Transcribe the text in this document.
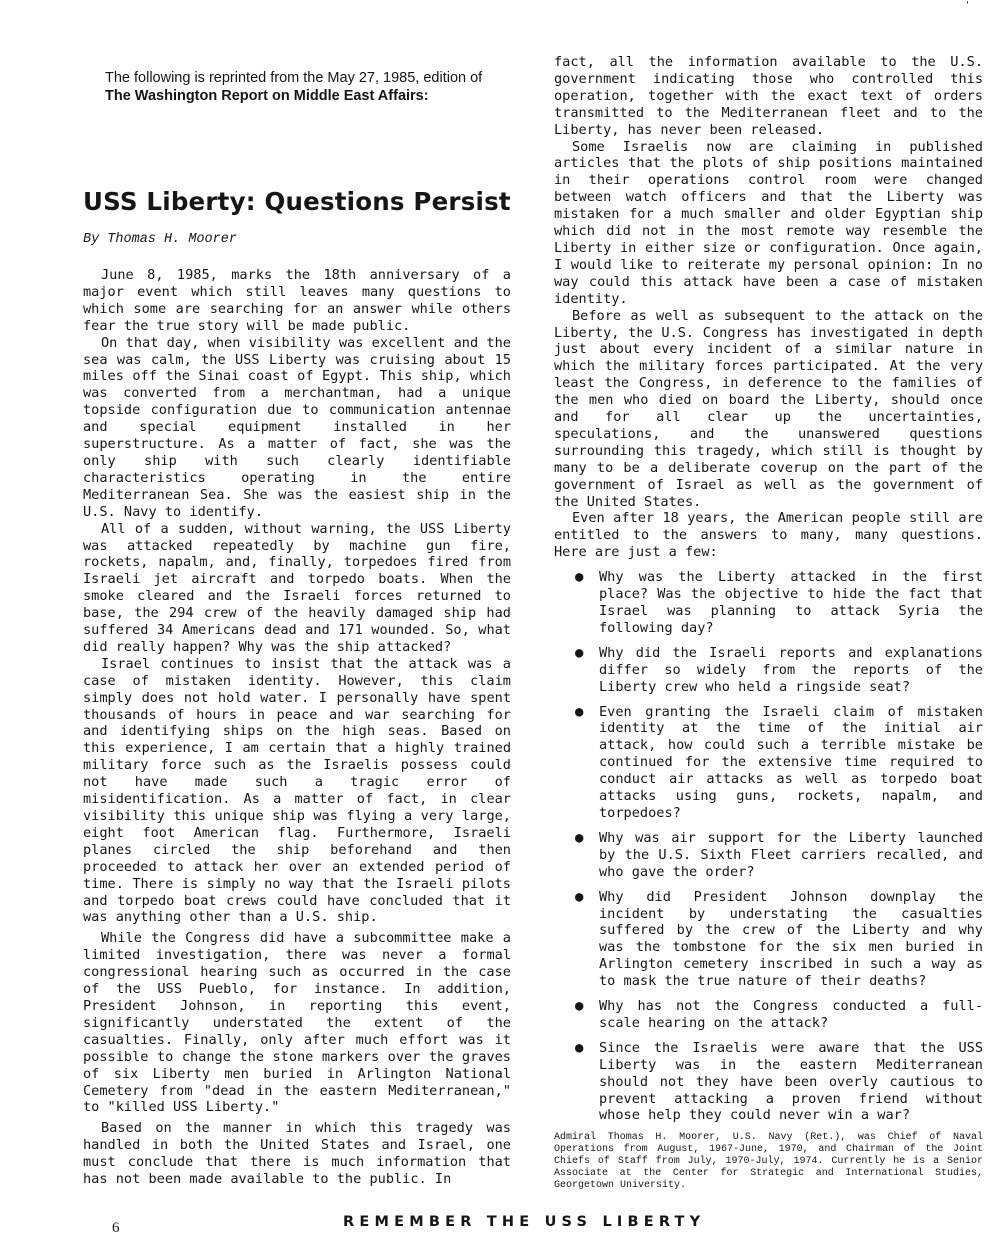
'

The following is reprinted from the May 27, 1985, edition of The Washington Report on Middle East Affairs:

USS Liberty: Questions Persist
By Thomas H. Moorer

June 8, 1985, marks the 18th anniversary of a major event which still leaves many questions to which some are searching for an answer while others fear the true story will be made public.

On that day, when visibility was excellent and the sea was calm, the USS Liberty was cruising about 15 miles off the Sinai coast of Egypt. This ship, which was converted from a merchantman, had a unique topside configuration due to communication antennae and special equipment installed in her superstructure. As a matter of fact, she was the only ship with such clearly identifiable characteristics operating in the entire Mediterranean Sea. She was the easiest ship in the U.S. Navy to identify.

All of a sudden, without warning, the USS Liberty was attacked repeatedly by machine gun fire, rockets, napalm, and, finally, torpedoes fired from Israeli jet aircraft and torpedo boats. When the smoke cleared and the Israeli forces returned to base, the 294 crew of the heavily damaged ship had suffered 34 Americans dead and 171 wounded. So, what did really happen? Why was the ship attacked?

Israel continues to insist that the attack was a case of mistaken identity. However, this claim simply does not hold water. I personally have spent thousands of hours in peace and war searching for and identifying ships on the high seas. Based on this experience, I am certain that a highly trained military force such as the Israelis possess could not have made such a tragic error of misidentification. As a matter of fact, in clear visibility this unique ship was flying a very large, eight foot American flag. Furthermore, Israeli planes circled the ship beforehand and then proceeded to attack her over an extended period of time. There is simply no way that the Israeli pilots and torpedo boat crews could have concluded that it was anything other than a U.S. ship.

While the Congress did have a subcommittee make a limited investigation, there was never a formal congressional hearing such as occurred in the case of the USS Pueblo, for instance. In addition, President Johnson, in reporting this event, significantly understated the extent of the casualties. Finally, only after much effort was it possible to change the stone markers over the graves of six Liberty men buried in Arlington National Cemetery from "dead in the eastern Mediterranean," to "killed USS Liberty."

Based on the manner in which this tragedy was handled in both the United States and Israel, one must conclude that there is much information that has not been made available to the public. In

fact, all the information available to the U.S. government indicating those who controlled this operation, together with the exact text of orders transmitted to the Mediterranean fleet and to the Liberty, has never been released.

Some Israelis now are claiming in published articles that the plots of ship positions maintained in their operations control room were changed between watch officers and that the Liberty was mistaken for a much smaller and older Egyptian ship which did not in the most remote way resemble the Liberty in either size or configuration. Once again, I would like to reiterate my personal opinion: In no way could this attack have been a case of mistaken identity.

Before as well as subsequent to the attack on the Liberty, the U.S. Congress has investigated in depth just about every incident of a similar nature in which the military forces participated. At the very least the Congress, in deference to the families of the men who died on board the Liberty, should once and for all clear up the uncertainties, speculations, and the unanswered questions surrounding this tragedy, which still is thought by many to be a deliberate coverup on the part of the government of Israel as well as the government of the United States.

Even after 18 years, the American people still are entitled to the answers to many, many questions. Here are just a few:

● Why was the Liberty attacked in the first place? Was the objective to hide the fact that Israel was planning to attack Syria the following day?
● Why did the Israeli reports and explanations differ so widely from the reports of the Liberty crew who held a ringside seat?
● Even granting the Israeli claim of mistaken identity at the time of the initial air attack, how could such a terrible mistake be continued for the extensive time required to conduct air attacks as well as torpedo boat attacks using guns, rockets, napalm, and torpedoes?
● Why was air support for the Liberty launched by the U.S. Sixth Fleet carriers recalled, and who gave the order?
● Why did President Johnson downplay the incident by understating the casualties suffered by the crew of the Liberty and why was the tombstone for the six men buried in Arlington cemetery inscribed in such a way as to mask the true nature of their deaths?
● Why has not the Congress conducted a full-scale hearing on the attack?
● Since the Israelis were aware that the USS Liberty was in the eastern Mediterranean should not they have been overly cautious to prevent attacking a proven friend without whose help they could never win a war?
Admiral Thomas H. Moorer, U.S. Navy (Ret.), was Chief of Naval Operations from August, 1967-June, 1970, and Chairman of the Joint Chiefs of Staff from July, 1970-July, 1974. Currently he is a Senior Associate at the Center for Strategic and International Studies, Georgetown University.
6	REMEMBER THE USS LIBERTY
